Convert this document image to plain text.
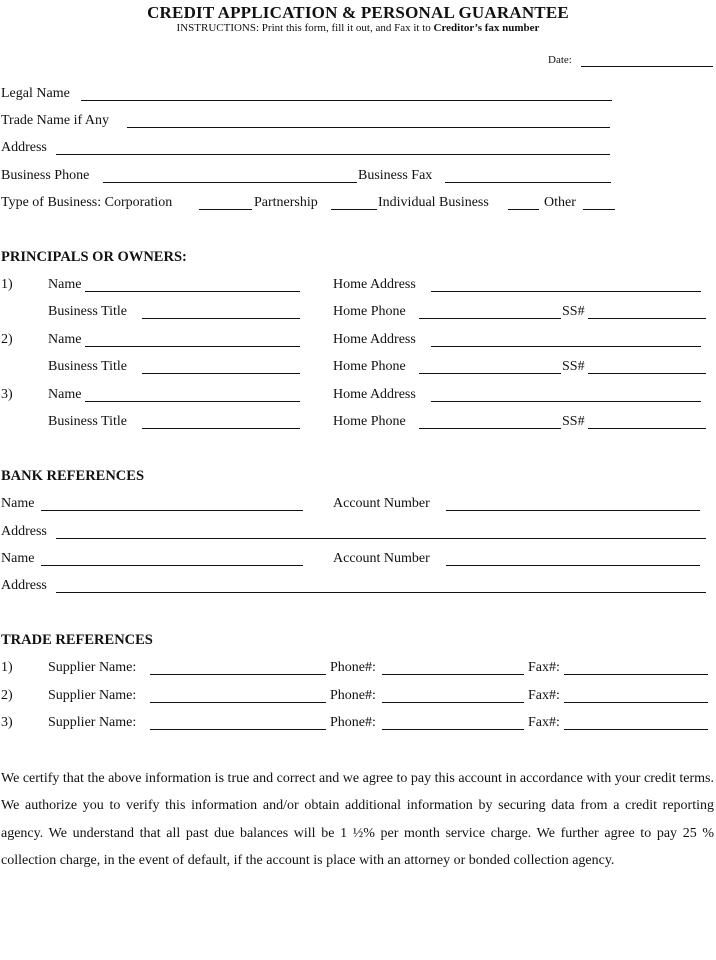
CREDIT APPLICATION & PERSONAL GUARANTEE
INSTRUCTIONS: Print this form, fill it out, and Fax it to Creditor’s fax number
Date:
Legal Name
Trade Name if Any
Address
Business Phone	Business Fax
Type of Business: Corporation	Partnership	Individual Business	Other
PRINCIPALS OR OWNERS:
1)	Name	Home Address
Business Title	Home Phone	SS#
2)	Name	Home Address
Business Title	Home Phone	SS#
3)	Name	Home Address
Business Title	Home Phone	SS#
BANK REFERENCES
Name	Account Number
Address
Name	Account Number
Address
TRADE REFERENCES
1)	Supplier Name:	Phone#:	Fax#:
2)	Supplier Name:	Phone#:	Fax#:
3)	Supplier Name:	Phone#:	Fax#:
We certify that the above information is true and correct and we agree to pay this account in accordance with your credit terms. We authorize you to verify this information and/or obtain additional information by securing data from a credit reporting agency. We understand that all past due balances will be 1 ½% per month service charge. We further agree to pay 25 % collection charge, in the event of default, if the account is place with an attorney or bonded collection agency.
